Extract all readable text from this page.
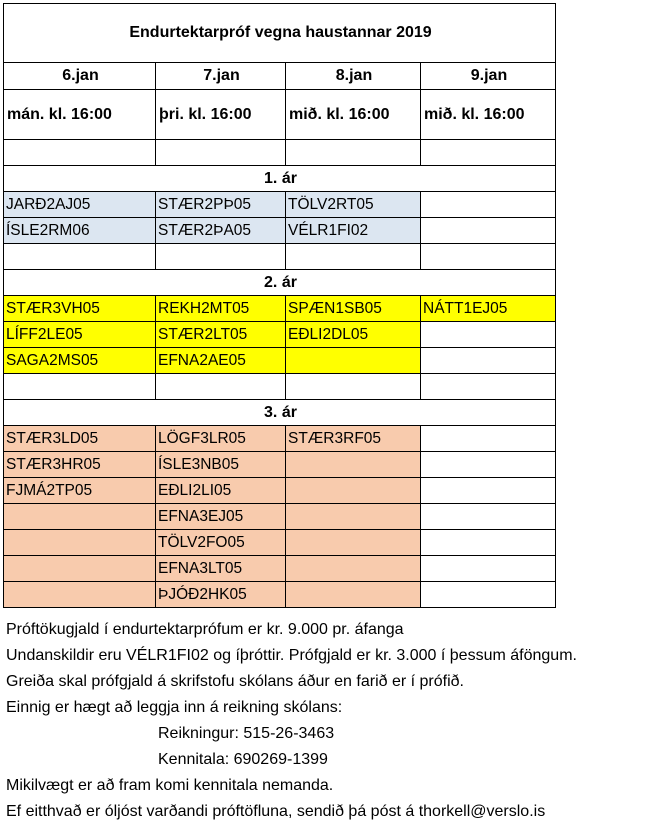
Endurtektarpróf vegna haustannar 2019			
6.jan	7.jan	8.jan	9.jan
mán. kl. 16:00	þri. kl. 16:00	mið. kl. 16:00	mið. kl. 16:00

1. ár			
JARÐ2AJ05	STÆR2PÞ05	TÖLV2RT05	
ÍSLE2RM06	STÆR2ÞA05	VÉLR1FI02	

2. ár			
STÆR3VH05	REKH2MT05	SPÆN1SB05	NÁTT1EJ05
LÍFF2LE05	STÆR2LT05	EÐLI2DL05	
SAGA2MS05	EFNA2AE05		

3. ár			
STÆR3LD05	LÖGF3LR05	STÆR3RF05	
STÆR3HR05	ÍSLE3NB05		
FJMÁ2TP05	EÐLI2LI05		
	EFNA3EJ05		
	TÖLV2FO05		
	EFNA3LT05		
	ÞJÓÐ2HK05		
Próftökugjald í endurtektarprófum er kr. 9.000 pr. áfanga
Undanskildir eru VÉLR1FI02 og íþróttir. Prófgjald er kr. 3.000 í þessum áföngum.
Greiða skal prófgjald á skrifstofu skólans áður en farið er í prófið.
Einnig er hægt að leggja inn á reikning skólans:
Reikningur: 515-26-3463
Kennitala: 690269-1399
Mikilvægt er að fram komi kennitala nemanda.
Ef eitthvað er óljóst varðandi próftöfluna, sendið þá póst á thorkell@verslo.is
